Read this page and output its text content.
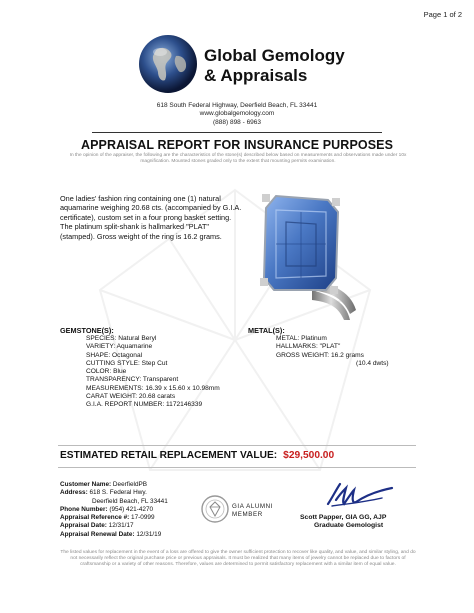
Page 1 of 2
Global Gemology
& Appraisals
618 South Federal Highway, Deerfield Beach, FL 33441
www.globalgemology.com
(888) 898 - 6963
APPRAISAL REPORT FOR INSURANCE PURPOSES
In the opinion of the appraiser, the following are the characteristics of the stone(s) described below based on measurements and observations made under 10x magnification. Mounted stones graded only to the extent that mounting permits examination.
One ladies' fashion ring containing one (1) natural aquamarine weighing 20.68 cts. (accompanied by G.I.A. certificate), custom set in a four prong basket setting. The platinum split-shank is hallmarked "PLAT" (stamped). Gross weight of the ring is 16.2 grams.
GEMSTONE(S):
SPECIES: Natural Beryl
VARIETY: Aquamarine
SHAPE: Octagonal
CUTTING STYLE: Step Cut
COLOR: Blue
TRANSPARENCY: Transparent
MEASUREMENTS: 16.39 x 15.60 x 10.98mm
CARAT WEIGHT: 20.68 carats
G.I.A. REPORT NUMBER: 1172146339
METAL(S):
METAL: Platinum
HALLMARKS: "PLAT"
GROSS WEIGHT: 16.2 grams
(10.4 dwts)
ESTIMATED RETAIL REPLACEMENT VALUE: $29,500.00
Customer Name: DeerfieldPB
Address: 618 S. Federal Hwy.
Deerfield Beach, FL 33441
Phone Number: (954) 421-4270
Appraisal Reference #: 17-0999
Appraisal Date: 12/31/17
Appraisal Renewal Date: 12/31/19
GIA ALUMNI
MEMBER	Scott Papper, GIA GG, AJP
Graduate Gemologist
The listed values for replacement in the event of a loss are offered to give the owner sufficient protection to recover like quality, and value, and similar styling, and do not necessarily reflect the original purchase price or previous appraisals. It must be realized that many items of jewelry cannot be replaced due to factors of craftsmanship or a variety of other reasons. Therefore, values are determined to permit satisfactory replacement with a similar item of equal value.
